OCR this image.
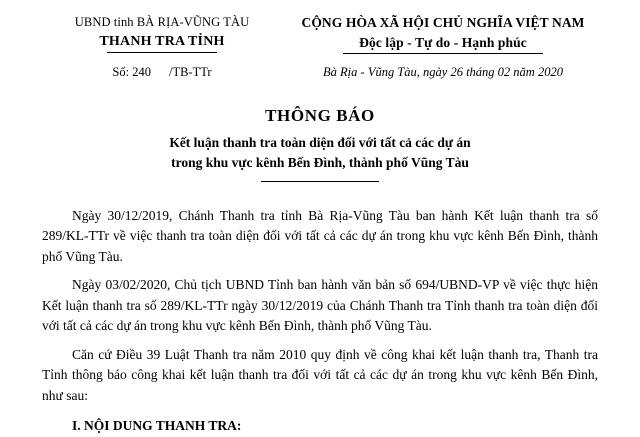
UBND tỉnh BÀ RỊA-VŨNG TÀU
THANH TRA TỈNH
CỘNG HÒA XÃ HỘI CHỦ NGHĨA VIỆT NAM
Độc lập - Tự do - Hạnh phúc
Số: 240 /TB-TTr	Bà Rịa - Vũng Tàu, ngày 26 tháng 02 năm 2020
THÔNG BÁO
Kết luận thanh tra toàn diện đối với tất cả các dự án
trong khu vực kênh Bến Đình, thành phố Vũng Tàu

Ngày 30/12/2019, Chánh Thanh tra tỉnh Bà Rịa-Vũng Tàu ban hành Kết luận thanh tra số 289/KL-TTr về việc thanh tra toàn diện đối với tất cả các dự án trong khu vực kênh Bến Đình, thành phố Vũng Tàu.

Ngày 03/02/2020, Chủ tịch UBND Tỉnh ban hành văn bản số 694/UBND-VP về việc thực hiện Kết luận thanh tra số 289/KL-TTr ngày 30/12/2019 của Chánh Thanh tra Tỉnh thanh tra toàn diện đối với tất cả các dự án trong khu vực kênh Bến Đình, thành phố Vũng Tàu.

Căn cứ Điều 39 Luật Thanh tra năm 2010 quy định về công khai kết luận thanh tra, Thanh tra Tỉnh thông báo công khai kết luận thanh tra đối với tất cả các dự án trong khu vực kênh Bến Đình, như sau:

I. NỘI DUNG THANH TRA:
